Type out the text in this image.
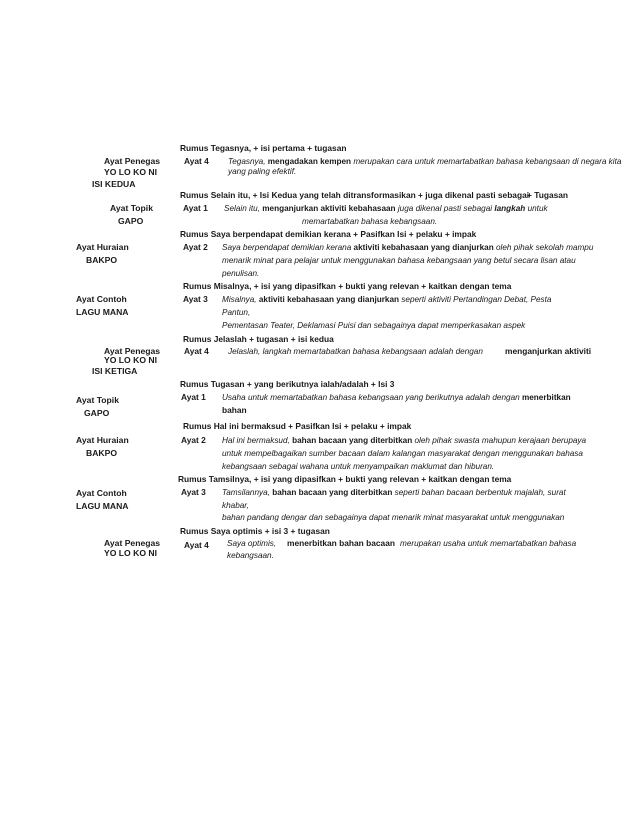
Rumus Tegasnya, + isi pertama + tugasan
Ayat Penegas	Ayat 4 Tegasnya, mengadakan kempen merupakan cara untuk memartabatkan bahasa kebangsaan di negara kita
YO LO KO NI	yang paling efektif.
ISI KEDUA
Rumus Selain itu, + Isi Kedua yang telah ditransformasikan + juga dikenal pasti sebagai
+ Tugasan
Ayat Topik	Ayat 1 Selain itu, menganjurkan aktiviti kebahasaan juga dikenal pasti sebagai langkah untuk
GAPO	memartabatkan bahasa kebangsaan.
Rumus Saya berpendapat demikian kerana + Pasifkan Isi + pelaku + impak
Ayat Huraian	Ayat 2 Saya berpendapat demikian kerana aktiviti kebahasaan yang dianjurkan oleh pihak sekolah mampu
BAKPO	menarik minat para pelajar untuk menggunakan bahasa kebangsaan yang betul secara lisan atau
penulisan.
Rumus Misalnya, + isi yang dipasifkan + bukti yang relevan + kaitkan dengan tema
Ayat Contoh	Ayat 3 Misalnya, aktiviti kebahasaan yang dianjurkan seperti aktiviti Pertandingan Debat, Pesta
LAGU MANA	Pantun,
Pementasan Teater, Deklamasi Puisi dan sebagainya dapat memperkasakan aspek
Rumus Jelaslah + tugasan + isi kedua
Ayat Penegas	Ayat 4 Jelaslah, langkah memartabatkan bahasa kebangsaan adalah dengan	menganjurkan aktiviti
YO LO KO NI
ISI KETIGA
Rumus Tugasan + yang berikutnya ialah/adalah + Isi 3
Ayat Topik	Ayat 1 Usaha untuk memartabatkan bahasa kebangsaan yang berikutnya adalah dengan menerbitkan
bahan
GAPO
Rumus Hal ini bermaksud + Pasifkan Isi + pelaku + impak
Ayat Huraian	Ayat 2 Hal ini bermaksud, bahan bacaan yang diterbitkan oleh pihak swasta mahupun kerajaan berupaya
BAKPO	untuk mempelbagaikan sumber bacaan dalam kalangan masyarakat dengan menggunakan bahasa
kebangsaan sebagai wahana untuk menyampaikan maklumat dan hiburan.
Rumus Tamsilnya, + isi yang dipasifkan + bukti yang relevan + kaitkan dengan tema
Ayat Contoh	Ayat 3 Tamsilannya, bahan bacaan yang diterbitkan seperti bahan bacaan berbentuk majalah, surat
LAGU MANA	khabar,
bahan pandang dengar dan sebagainya dapat menarik minat masyarakat untuk menggunakan
Rumus Saya optimis + isi 3 + tugasan
Ayat Penegas	Ayat 4 Saya optimis, menerbitkan bahan bacaan merupakan usaha untuk memartabatkan bahasa
YO LO KO NI	kebangsaan.
